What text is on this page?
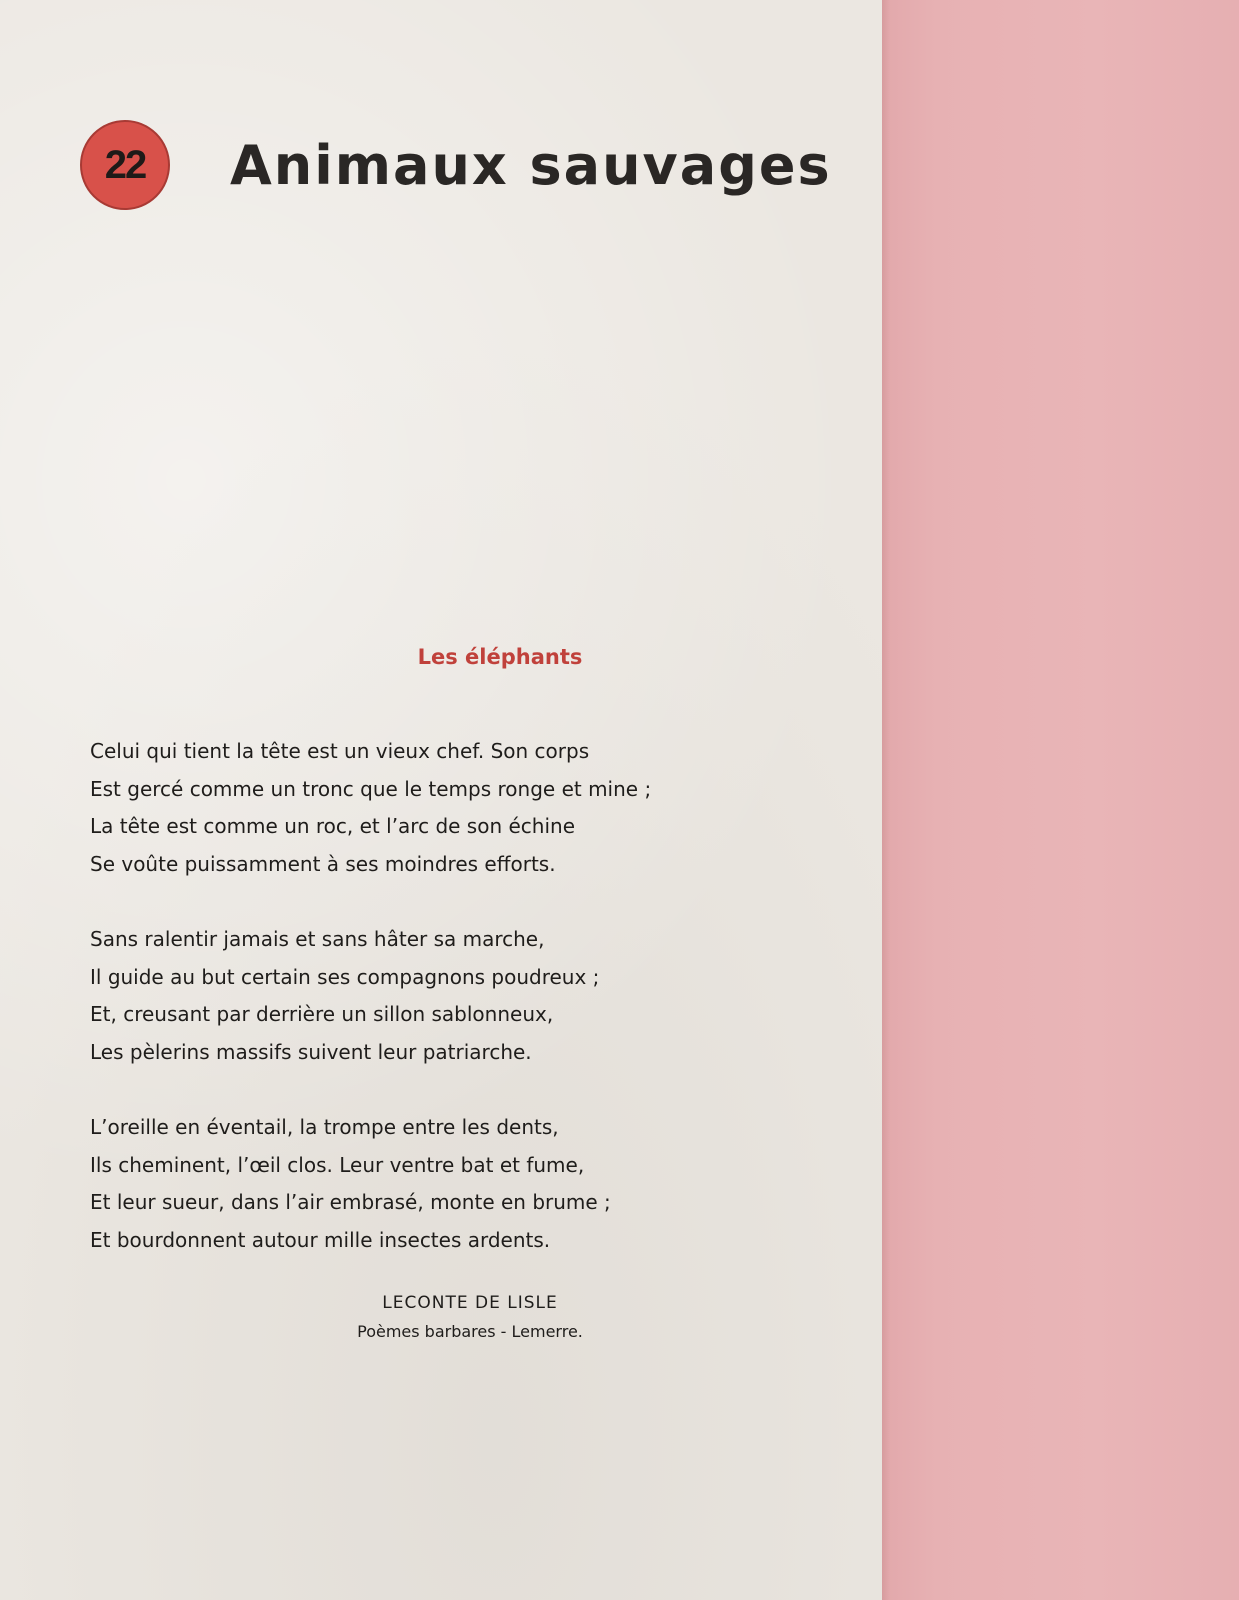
22	Animaux sauvages
Les éléphants
Celui qui tient la tête est un vieux chef. Son corps
Est gercé comme un tronc que le temps ronge et mine ;
La tête est comme un roc, et l’arc de son échine
Se voûte puissamment à ses moindres efforts.
Sans ralentir jamais et sans hâter sa marche,
Il guide au but certain ses compagnons poudreux ;
Et, creusant par derrière un sillon sablonneux,
Les pèlerins massifs suivent leur patriarche.
L’oreille en éventail, la trompe entre les dents,
Ils cheminent, l’œil clos. Leur ventre bat et fume,
Et leur sueur, dans l’air embrasé, monte en brume ;
Et bourdonnent autour mille insectes ardents.
LECONTE DE LISLE
Poèmes barbares - Lemerre.
